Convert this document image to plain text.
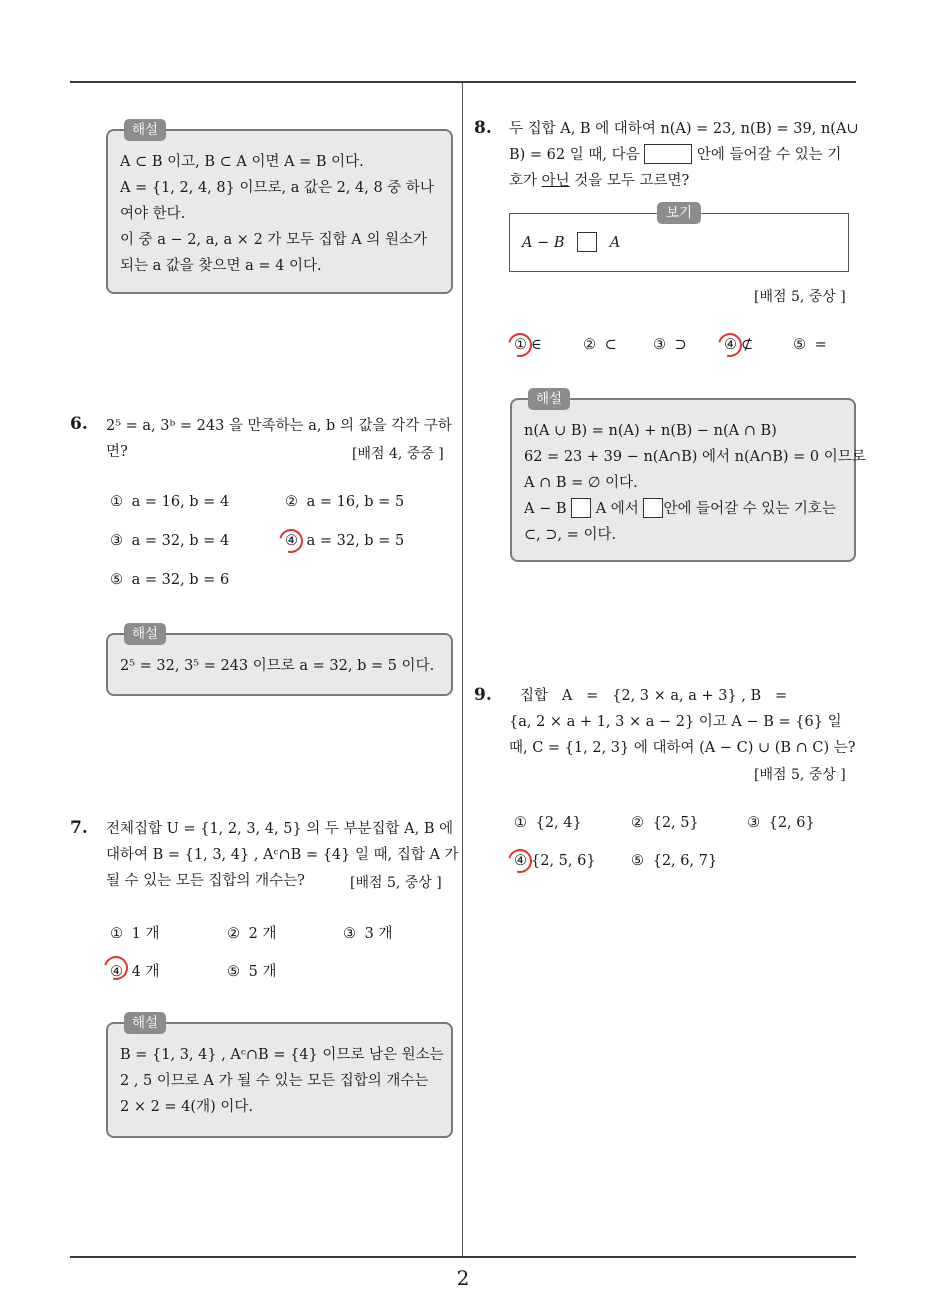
해설

A ⊂ B 이고, B ⊂ A 이면 A = B 이다.

A = {1, 2, 4, 8} 이므로, a 값은 2, 4, 8 중 하나

여야 한다.

이 중 a − 2, a, a × 2 가 모두 집합 A 의 원소가

되는 a 값을 찾으면 a = 4 이다.

6. 2⁵ = a, 3ᵇ = 243 을 만족하는 a, b 의 값을 각각 구하
면?	[배점 4, 중중 ]
① a = 16, b = 4	② a = 16, b = 5
③ a = 32, b = 4	④ a = 32, b = 5
⑤ a = 32, b = 6
해설

2⁵ = 32, 3⁵ = 243 이므로 a = 32, b = 5 이다.

7. 전체집합 U = {1, 2, 3, 4, 5} 의 두 부분집합 A, B 에
대하여 B = {1, 3, 4} , Aᶜ∩B = {4} 일 때, 집합 A 가
될 수 있는 모든 집합의 개수는?	[배점 5, 중상 ]
① 1 개	② 2 개	③ 3 개
④ 4 개	⑤ 5 개
해설

B = {1, 3, 4} , Aᶜ∩B = {4} 이므로 남은 원소는

2 , 5 이므로 A 가 될 수 있는 모든 집합의 개수는

2 × 2 = 4(개) 이다.

8. 두 집합 A, B 에 대하여 n(A) = 23, n(B) = 39, n(A∪
B) = 62 일 때, 다음	안에 들어갈 수 있는 기
호가 아닌 것을 모두 고르면?
보기
A − B	A
[배점 5, 중상 ]
① ∈	② ⊂ ③ ⊃	④ ⊄	⑤ =
해설

n(A ∪ B) = n(A) + n(B) − n(A ∩ B)

62 = 23 + 39 − n(A∩B) 에서 n(A∩B) = 0 이므로

A ∩ B = ∅ 이다.

A − B A 에서 안에 들어갈 수 있는 기호는

⊂, ⊃, = 이다.

9. 집합   A   =   {2, 3 × a, a + 3} , B   =
{a, 2 × a + 1, 3 × a − 2} 이고 A − B = {6} 일
때, C = {1, 2, 3} 에 대하여 (A − C) ∪ (B ∩ C) 는?
[배점 5, 중상 ]
① {2, 4}	② {2, 5}	③ {2, 6}
④ {2, 5, 6} ⑤ {2, 6, 7}
2
